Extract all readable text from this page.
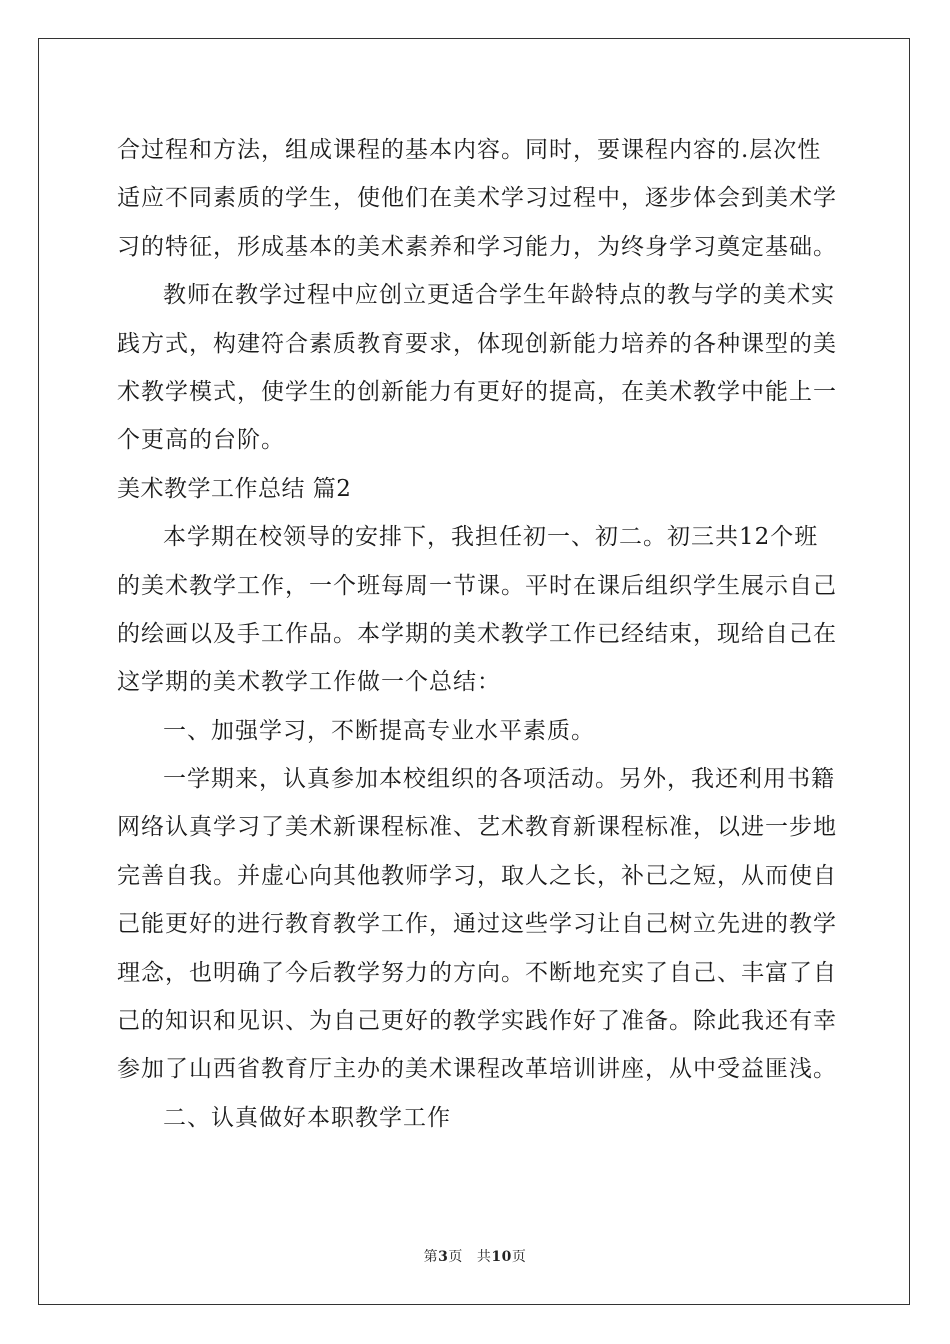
合过程和方法，组成课程的基本内容。同时，要课程内容的.层次性
适应不同素质的学生，使他们在美术学习过程中，逐步体会到美术学
习的特征，形成基本的美术素养和学习能力，为终身学习奠定基础。
教师在教学过程中应创立更适合学生年龄特点的教与学的美术实
践方式，构建符合素质教育要求，体现创新能力培养的各种课型的美
术教学模式，使学生的创新能力有更好的提高，在美术教学中能上一
个更高的台阶。
美术教学工作总结 篇2
本学期在校领导的安排下，我担任初一、初二。初三共12个班
的美术教学工作，一个班每周一节课。平时在课后组织学生展示自己
的绘画以及手工作品。本学期的美术教学工作已经结束，现给自己在
这学期的美术教学工作做一个总结：
一、加强学习，不断提高专业水平素质。
一学期来，认真参加本校组织的各项活动。另外，我还利用书籍
网络认真学习了美术新课程标准、艺术教育新课程标准，以进一步地
完善自我。并虚心向其他教师学习，取人之长，补己之短，从而使自
己能更好的进行教育教学工作，通过这些学习让自己树立先进的教学
理念，也明确了今后教学努力的方向。不断地充实了自己、丰富了自
己的知识和见识、为自己更好的教学实践作好了准备。除此我还有幸
参加了山西省教育厅主办的美术课程改革培训讲座，从中受益匪浅。
二、认真做好本职教学工作
第3页 共10页
